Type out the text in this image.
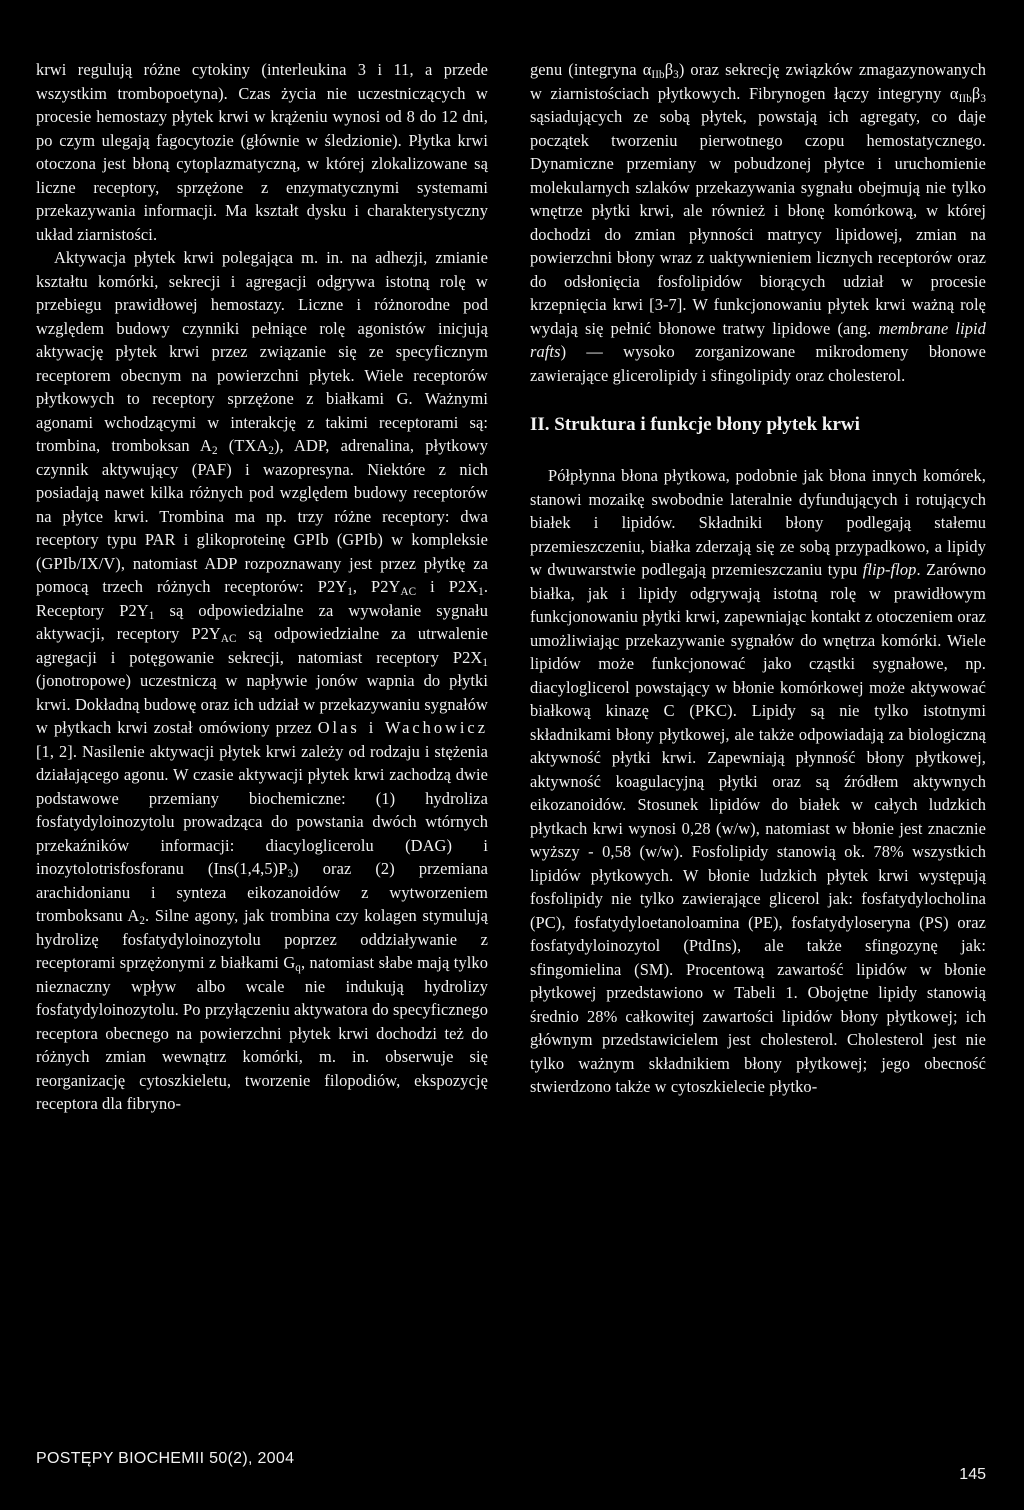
krwi regulują różne cytokiny (interleukina 3 i 11, a przede wszystkim trombopoetyna). Czas życia nie uczestniczących w procesie hemostazy płytek krwi w krążeniu wynosi od 8 do 12 dni, po czym ulegają fagocytozie (głównie w śledzionie). Płytka krwi otoczona jest błoną cytoplazmatyczną, w której zlokalizowane są liczne receptory, sprzężone z enzymatycznymi systemami przekazywania informacji. Ma kształt dysku i charakterystyczny układ ziarnistości.

Aktywacja płytek krwi polegająca m. in. na adhezji, zmianie kształtu komórki, sekrecji i agregacji odgrywa istotną rolę w przebiegu prawidłowej hemostazy. Liczne i różnorodne pod względem budowy czynniki pełniące rolę agonistów inicjują aktywację płytek krwi przez związanie się ze specyficznym receptorem obecnym na powierzchni płytek. Wiele receptorów płytkowych to receptory sprzężone z białkami G. Ważnymi agonami wchodzącymi w interakcję z takimi receptorami są: trombina, tromboksan $A_2$ $(TXA_2)$, ADP, adrenalina, płytkowy czynnik aktywujący (PAF) i wazopresyna. Niektóre z nich posiadają nawet kilka różnych pod względem budowy receptorów na płytce krwi. Trombina ma np. trzy różne receptory: dwa receptory typu PAR i glikoproteinę GPIb (GPIb) w kompleksie (GPIb/IX/V), natomiast ADP rozpoznawany jest przez płytkę za pomocą trzech różnych receptorów: $P2Y_1$, $P2Y_{AC}$ i $P2X_1$. Receptory $P2Y_1$ są odpowiedzialne za wywołanie sygnału aktywacji, receptory $P2Y_{AC}$ są odpowiedzialne za utrwalenie agregacji i potęgowanie sekrecji, natomiast receptory $P2X_1$ (jonotropowe) uczestniczą w napływie jonów wapnia do płytki krwi. Dokładną budowę oraz ich udział w przekazywaniu sygnałów w płytkach krwi został omówiony przez Olas i Wachowicz [1, 2]. Nasilenie aktywacji płytek krwi zależy od rodzaju i stężenia działającego agonu. W czasie aktywacji płytek krwi zachodzą dwie podstawowe przemiany biochemiczne: (1) hydroliza fosfatydyloinozytolu prowadząca do powstania dwóch wtórnych przekaźników informacji: diacyloglicerolu (DAG) i inozytolotrisfosforanu $(Ins(1,4,5)P_3)$ oraz (2) przemiana arachidonianu i synteza eikozanoidów z wytworzeniem tromboksanu $A_2$. Silne agony, jak trombina czy kolagen stymulują hydrolizę fosfatydyloinozytolu poprzez oddziaływanie z receptorami sprzężonymi z białkami $G_q$, natomiast słabe mają tylko nieznaczny wpływ albo wcale nie indukują hydrolizy fosfatydyloinozytolu. Po przyłączeniu aktywatora do specyficznego receptora obecnego na powierzchni płytek krwi dochodzi też do różnych zmian wewnątrz komórki, m. in. obserwuje się reorganizację cytoszkieletu, tworzenie filopodiów, ekspozycję receptora dla fibryno-

genu (integryna $\alpha_{IIb}\beta_3$) oraz sekrecję związków zmagazynowanych w ziarnistościach płytkowych. Fibrynogen łączy integryny $\alpha_{IIb}\beta_3$ sąsiadujących ze sobą płytek, powstają ich agregaty, co daje początek tworzeniu pierwotnego czopu hemostatycznego. Dynamiczne przemiany w pobudzonej płytce i uruchomienie molekularnych szlaków przekazywania sygnału obejmują nie tylko wnętrze płytki krwi, ale również i błonę komórkową, w której dochodzi do zmian płynności matrycy lipidowej, zmian na powierzchni błony wraz z uaktywnieniem licznych receptorów oraz do odsłonięcia fosfolipidów biorących udział w procesie krzepnięcia krwi [3-7]. W funkcjonowaniu płytek krwi ważną rolę wydają się pełnić błonowe tratwy lipidowe (ang. membrane lipid rafts) — wysoko zorganizowane mikrodomeny błonowe zawierające glicerolipidy i sfingolipidy oraz cholesterol.

II. Struktura i funkcje błony płytek krwi

Półpłynna błona płytkowa, podobnie jak błona innych komórek, stanowi mozaikę swobodnie lateralnie dyfundujących i rotujących białek i lipidów. Składniki błony podlegają stałemu przemieszczeniu, białka zderzają się ze sobą przypadkowo, a lipidy w dwuwarstwie podlegają przemieszczaniu typu flip-flop. Zarówno białka, jak i lipidy odgrywają istotną rolę w prawidłowym funkcjonowaniu płytki krwi, zapewniając kontakt z otoczeniem oraz umożliwiając przekazywanie sygnałów do wnętrza komórki. Wiele lipidów może funkcjonować jako cząstki sygnałowe, np. diacyloglicerol powstający w błonie komórkowej może aktywować białkową kinazę C (PKC). Lipidy są nie tylko istotnymi składnikami błony płytkowej, ale także odpowiadają za biologiczną aktywność płytki krwi. Zapewniają płynność błony płytkowej, aktywność koagulacyjną płytki oraz są źródłem aktywnych eikozanoidów. Stosunek lipidów do białek w całych ludzkich płytkach krwi wynosi 0,28 (w/w), natomiast w błonie jest znacznie wyższy - 0,58 (w/w). Fosfolipidy stanowią ok. 78% wszystkich lipidów płytkowych. W błonie ludzkich płytek krwi występują fosfolipidy nie tylko zawierające glicerol jak: fosfatydylocholina (PC), fosfatydyloetanoloamina (PE), fosfatydyloseryna (PS) oraz fosfatydyloinozytol (PtdIns), ale także sfingozynę jak: sfingomielina (SM). Procentową zawartość lipidów w błonie płytkowej przedstawiono w Tabeli 1. Obojętne lipidy stanowią średnio 28% całkowitej zawartości lipidów błony płytkowej; ich głównym przedstawicielem jest cholesterol. Cholesterol jest nie tylko ważnym składnikiem błony płytkowej; jego obecność stwierdzono także w cytoszkielecie płytko-

POSTĘPY BIOCHEMII 50(2), 2004
145
